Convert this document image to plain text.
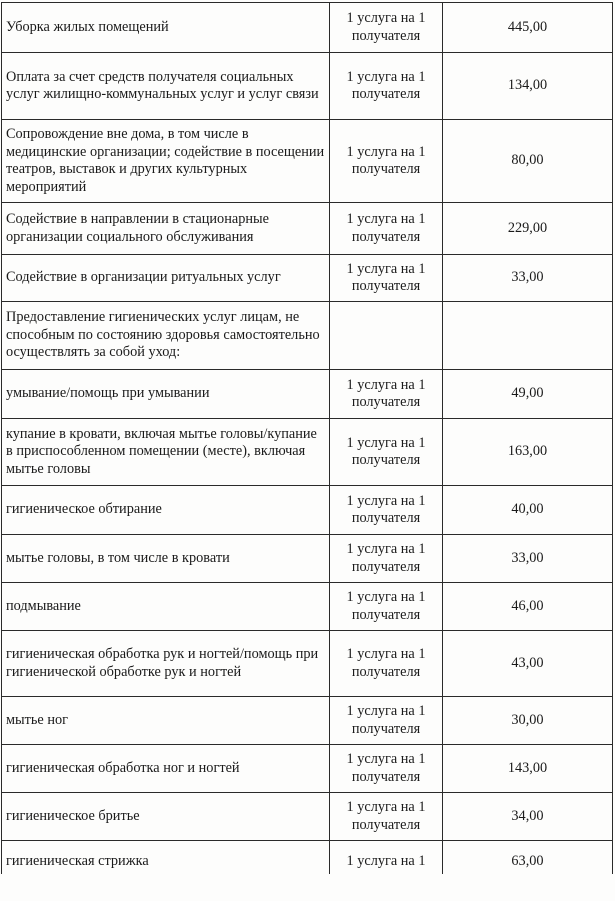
Уборка жилых помещений	1 услуга на 1 получателя	445,00
Оплата за счет средств получателя социальных услуг жилищно-коммунальных услуг и услуг связи	1 услуга на 1 получателя	134,00
Сопровождение вне дома, в том числе в медицинские организации; содействие в посещении театров, выставок и других культурных мероприятий	1 услуга на 1 получателя	80,00
Содействие в направлении в стационарные организации социального обслуживания	1 услуга на 1 получателя	229,00
Содействие в организации ритуальных услуг	1 услуга на 1 получателя	33,00
Предоставление гигиенических услуг лицам, не способным по состоянию здоровья самостоятельно осуществлять за собой уход:		
умывание/помощь при умывании	1 услуга на 1 получателя	49,00
купание в кровати, включая мытье головы/купание в приспособленном помещении (месте), включая мытье головы	1 услуга на 1 получателя	163,00
гигиеническое обтирание	1 услуга на 1 получателя	40,00
мытье головы, в том числе в кровати	1 услуга на 1 получателя	33,00
подмывание	1 услуга на 1 получателя	46,00
гигиеническая обработка рук и ногтей/помощь при гигиенической обработке рук и ногтей	1 услуга на 1 получателя	43,00
мытье ног	1 услуга на 1 получателя	30,00
гигиеническая обработка ног и ногтей	1 услуга на 1 получателя	143,00
гигиеническое бритье	1 услуга на 1 получателя	34,00
гигиеническая стрижка	1 услуга на 1	63,00
